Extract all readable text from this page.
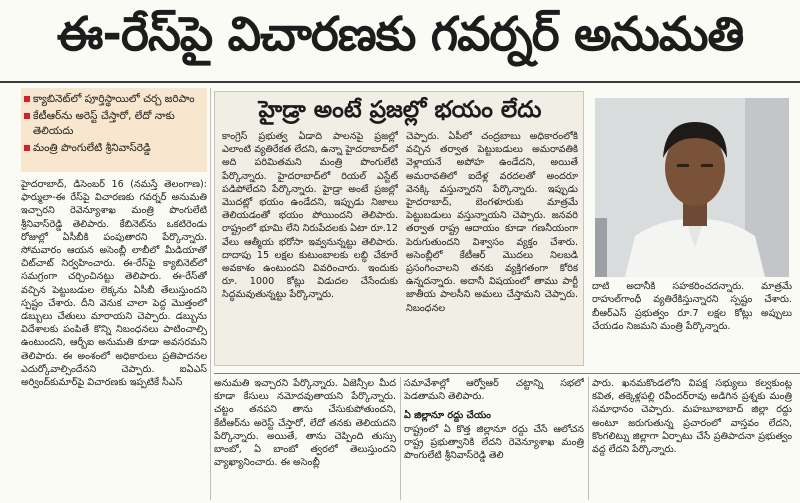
ఈ-రేస్‌పై విచారణకు గవర్నర్ అనుమతి
క్యాబినెట్‌లో పూర్తిస్థాయిలో చర్చ జరిపాం
కేటీఆర్‌ను అరెస్ట్ చేస్తారో, లేదో నాకు తెలియదు
మంత్రి పొంగులేటి శ్రీనివాస్‌రెడ్డి

హైదరాబాద్, డిసెంబర్ 16 (నమస్తే తెలంగాణ): ఫార్ములా-ఈ రేస్‌పై విచారణకు గవర్నర్ అనుమతి ఇచ్చారని రెవెన్యూశాఖ మంత్రి పొంగులేటి శ్రీనివాస్‌రెడ్డి తెలిపారు. కేబినెట్‌ను ఒకటిరెండు రోజుల్లో ఏసీబీకి పంపుతారని పేర్కొన్నారు. సోమవారం ఆయన అసెంబ్లీ లాబీలో మీడియాతో చిట్‌చాట్ నిర్వహించారు. ఈ-రేస్‌పై క్యాబినెట్‌లో సమగ్రంగా చర్చించినట్టు తెలిపారు. ఈ-రేస్‌తో వచ్చిన పెట్టుబడుల లెక్కను ఏసీబీ తేలుస్తుందని స్పష్టం చేశారు. దీని వెనుక చాలా పెద్ద మొత్తంలో డబ్బులు చేతులు మారాయని చెప్పారు. డబ్బును విదేశాలకు పంపితే కొన్ని నిబంధనలు పాటించాల్సి ఉంటుందని, ఆర్బీఐ అనుమతి కూడా అవసరమని తెలిపారు. ఈ అంశంలో అధికారులు ప్రతిపాదనల ఎదుర్కోవాల్సిందేనని చెప్పారు. ఐఏఎస్ అర్వింద్‌కుమార్‌పై విచారణకు ఇప్పటికే సీఎస్

హైడ్రా అంటే ప్రజల్లో భయం లేదు

కాంగ్రెస్ ప్రభుత్వ ఏడాది పాలనపై ప్రజల్లో ఎలాంటి వ్యతిరేకత లేదని, ఉన్నా హైదరాబాద్‌లో అది పరిమితమని మంత్రి పొంగులేటి పేర్కొన్నారు. హైదరాబాద్‌లో రియల్ ఎస్టేట్ పడిపోలేదని పేర్కొన్నారు. హైడ్రా అంటే ప్రజల్లో మొదట్లో భయం ఉండేదని, ఇప్పుడు నిజాలు తెలియడంతో భయం పోయిందని తెలిపారు. రాష్ట్రంలో భూమి లేని నిరుపేదలకు ఏటా రూ.12 వేలు ఆత్మీయ భరోసా ఇవ్వనున్నట్టు తెలిపారు. దాదాపు 15 లక్షల కుటుంబాలకు లబ్ధి చేకూరే అవకాశం ఉంటుందని వివరించారు. ఇందుకు రూ. 1000 కోట్లు విడుదల చేసేందుకు సిద్ధమవుతున్నట్టు పేర్కొన్నారు.

చెప్పారు. ఏపీలో చంద్రబాబు అధికారంలోకి వచ్చిన తర్వాత పెట్టుబడులు అమరావతికి వెళ్లాయనే అపోహ ఉండేదని, అయితే అమరావతిలో ఐదేళ్ల వరదలతో అందరూ వెనక్కి వస్తున్నారని పేర్కొన్నారు. ఇప్పుడు హైదరాబాద్, బెంగళూరుకు మాత్రమే పెట్టుబడులు వస్తున్నాయని చెప్పారు. జనవరి తర్వాత రాష్ట్ర ఆదాయం కూడా గణనీయంగా పెరుగుతుందని విశ్వాసం వ్యక్తం చేశారు. అసెంబ్లీలో కేటీఆర్ మొదలు నిలబడి ప్రసంగించాలని తనకు వ్యక్తిగతంగా కోరిక ఉన్నదన్నారు. అదానీ విషయంలో తాము పార్టీ జాతీయ పాలసీని అమలు చేస్తామని చెప్పారు. నిబంధనల

దాటి అదానీకి సహకరించదన్నారు. మాత్రమే రాహుల్‌గాంధీ వ్యతిరేకిస్తున్నారని స్పష్టం చేశారు. బీఆర్ఎస్ ప్రభుత్వం రూ.7 లక్షల కోట్లు అప్పులు చేయడం నిజమని మంత్రి పేర్కొన్నారు.

అనుమతి ఇచ్చారని పేర్కొన్నారు. ఏజెన్సీల మీద కూడా కేసులు నమోదవుతాయని పేర్కొన్నారు. చట్టం తనపని తాను చేసుకుపోతుందని, కేటీఆర్‌ను అరెస్ట్ చేస్తారో, లేదో తనకు తెలియదని పేర్కొన్నారు. అయితే, తాను చెప్పింది తుస్సు బాంబో, ఏ బాంబో త్వరలో తెలుస్తుందని వ్యాఖ్యానించారు. ఈ అసెంబ్లీ

సమావేశాల్లో ఆర్వోఆర్ చట్టాన్ని సభలో పెడతామని తెలిపారు.

ఏ జిల్లానూ రద్దు చేయం

రాష్ట్రంలో ఏ కొత్త జిల్లానూ రద్దు చేసే ఆలోచన రాష్ట్ర ప్రభుత్వానికి లేదని రెవెన్యూశాఖ మంత్రి పొంగులేటి శ్రీనివాస్‌రెడ్డి తెలి

పారు. ఖనమకొండలోని విపక్ష సభ్యులు కల్వకుంట్ల కవిత, తక్కెళ్లపల్లి రవీందర్‌రావు అడిగిన ప్రశ్నకు మంత్రి సమాధానం చెప్పారు. మహబూబాబాద్ జిల్లా రద్దు అంటూ జరుగుతున్న ప్రచారంలో వాస్తవం లేదని, కొంగలిట్ను జిల్లాగా ఏర్పాటు చేసే ప్రతిపాదనా ప్రభుత్వం వద్ద లేదని పేర్కొన్నారు.
